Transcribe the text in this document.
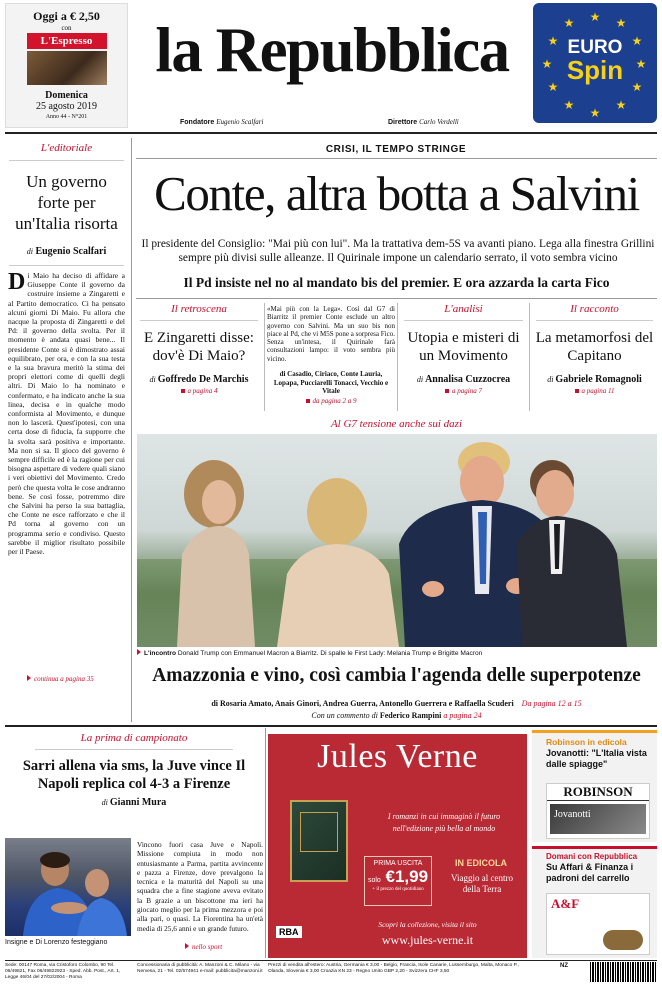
Oggi a € 2,50
con
L'Espresso
Domenica
25 agosto 2019
Anno 44 - N°201
la Repubblica
Fondatore Eugenio Scalfari	Direttore Carlo Verdelli
★ ★
★
★
★
★
★
★
★
★
★
★
EURO
Spin
L'editoriale
Un governo forte per un'Italia risorta
di Eugenio Scalfari
D i Maio ha deciso di affidare a Giuseppe Conte il governo da costruire insieme a Zingaretti e al Partito democratico. Ci ha pensato alcuni giorni Di Maio. Fu allora che nacque la proposta di Zingaretti e del Pd: il governo della svolta. Per il momento è andata quasi bene... Il presidente Conte si è dimostrato assai equilibrato, per ora, e con la sua testa e la sua bravura meritò la stima dei propri elettori come di quelli degli altri. Di Maio lo ha nominato e confermato, e ha indicato anche la sua linea, decisa e in qualche modo conformista al Movimento, e dunque non lo lascerà. Quest'ipotesi, con una certa dose di fiducia, fa supporre che la svolta sarà positiva e importante. Ma non si sa. Il gioco del governo è sempre difficile ed è la ragione per cui bisogna aspettare di vedere quali siano i veri obiettivi del Movimento. Credo però che questa volta le cose andranno bene. Se così fosse, potremmo dire che Salvini ha perso la sua battaglia, che Conte ne esce rafforzato e che il Pd torna al governo con un programma serio e condiviso. Questo sarebbe il miglior risultato possibile per il Paese.
continua a pagina 35
CRISI, IL TEMPO STRINGE
Conte, altra botta a Salvini
Il presidente del Consiglio: "Mai più con lui". Ma la trattativa dem-5S va avanti piano. Lega alla finestra Grillini sempre più divisi sulle alleanze. Il Quirinale impone un calendario serrato, il voto sembra vicino
Il Pd insiste nel no al mandato bis del premier. E ora azzarda la carta Fico
Il retroscena
E Zingaretti disse: dov'è Di Maio?
di Goffredo De Marchis
a pagina 4
«Mai più con la Lega». Così dal G7 di Biarritz il premier Conte esclude un altro governo con Salvini. Ma un suo bis non piace al Pd, che vi M5S pone a sorpresa Fico. Senza un'intesa, il Quirinale farà consultazioni lampo: il voto sembra più vicino.
di Casadio, Ciriaco, Conte Lauria, Lopapa, Pucciarelli Tonacci, Vecchio e Vitale
da pagina 2 a 9
L'analisi
Utopia e misteri di un Movimento
di Annalisa Cuzzocrea
a pagina 7
Il racconto
La metamorfosi del Capitano
di Gabriele Romagnoli
a pagina 11
Al G7 tensione anche sui dazi
L'incontro Donald Trump con Emmanuel Macron a Biarritz. Di spalle le First Lady: Melania Trump e Brigitte Macron
Amazzonia e vino, così cambia l'agenda delle superpotenze
di Rosaria Amato, Anais Ginori, Andrea Guerra, Antonello Guerrera e Raffaella Scuderi Da pagina 12 a 15
Con un commento di Federico Rampini a pagina 24
La prima di campionato
Sarri allena via sms, la Juve vince Il Napoli replica col 4-3 a Firenze
di Gianni Mura
Insigne e Di Lorenzo festeggiano
Vincono fuori casa Juve e Napoli. Missione compiuta in modo non entusiasmante a Parma, partita avvincente e pazza a Firenze, dove prevalgono la tecnica e la maturità del Napoli su una squadra che a fine stagione aveva evitato la B grazie a un biscottone ma ieri ha giocato meglio per la prima mezzora e poi alla pari, o quasi. La Fiorentina ha un'età media di 25,6 anni e un grande futuro.
nello sport
Jules Verne
I romanzi in cui immaginò il futuro
nell'edizione più bella al mondo
PRIMA USCITA
solo €1,99
+ il prezzo del quotidiano
IN EDICOLA
Viaggio al centro della Terra
RBA
Scopri la collezione, visita il sito
www.jules-verne.it
Robinson in edicola
Jovanotti: "L'Italia vista dalle spiagge"
ROBINSON
Jovanotti
Domani con Repubblica
Su Affari & Finanza i padroni del carrello
A&F
Sede: 00147 Roma, via Cristoforo Colombo, 90 Tel. 06/49821, Fax 06/49822923 - Sped. Abb. Post., Art. 1, Legge 46/04 del 27/02/2004 - Roma
Concessionaria di pubblicità: A. Manzoni & C. Milano - via Nervesa, 21 - Tel. 02/574941 e-mail: pubblicita@manzoni.it
Prezzi di vendita all'estero: Austria, Germania € 3,00 - Belgio, Francia, Isole Canarie, Lussemburgo, Malta, Monaco P., Olanda, Slovenia € 3,00 Croazia KN 23 - Regno Unito GBP 2,20 - Svizzera CHF 3,50
NZ
